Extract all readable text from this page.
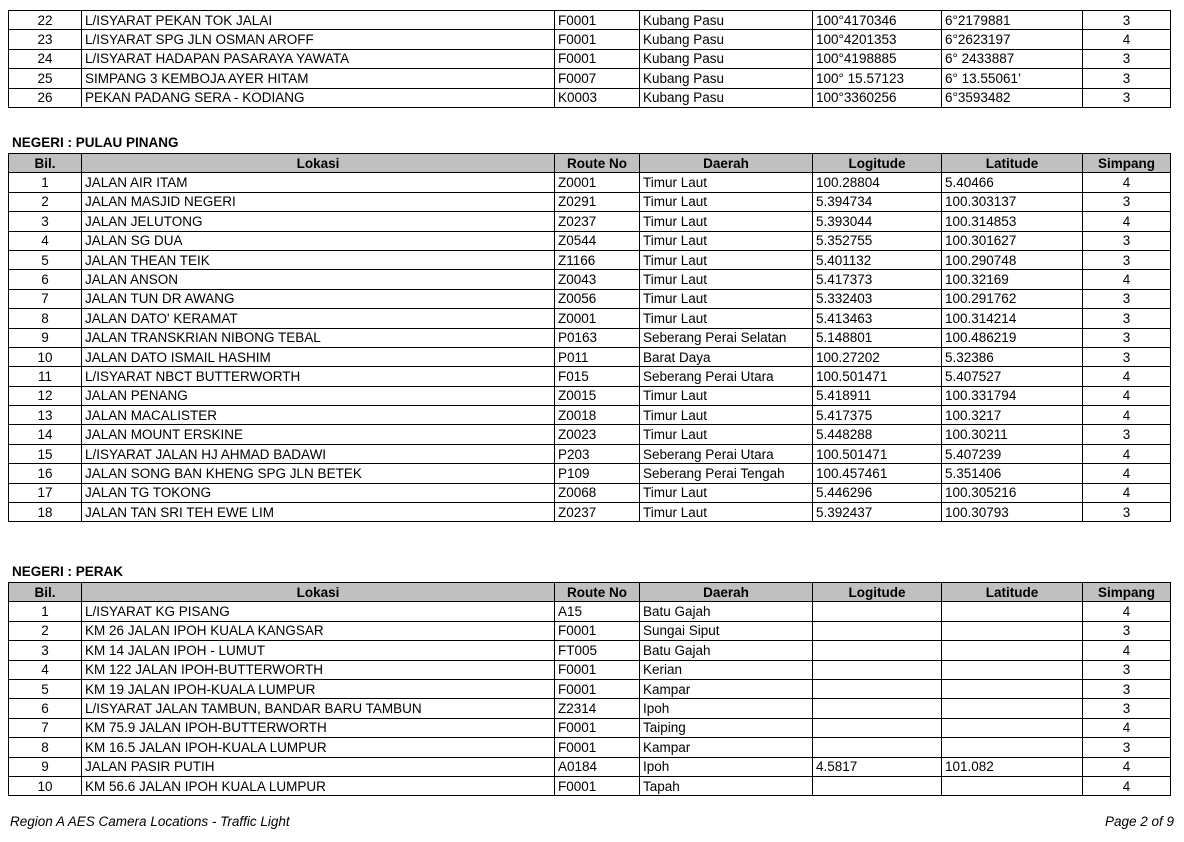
22	L/ISYARAT PEKAN TOK JALAI	F0001	Kubang Pasu	100°4170346	6°2179881	3
23	L/ISYARAT SPG JLN OSMAN AROFF	F0001	Kubang Pasu	100°4201353	6°2623197	4
24	L/ISYARAT HADAPAN PASARAYA YAWATA	F0001	Kubang Pasu	100°4198885	6° 2433887	3
25	SIMPANG 3 KEMBOJA AYER HITAM	F0007	Kubang Pasu	100° 15.57123	6° 13.55061’	3
26	PEKAN PADANG SERA - KODIANG	K0003	Kubang Pasu	100°3360256	6°3593482	3
NEGERI : PULAU PINANG
Bil.	Lokasi	Route No	Daerah	Logitude	Latitude	Simpang
1	JALAN AIR ITAM	Z0001	Timur Laut	100.28804	5.40466	4
2	JALAN MASJID NEGERI	Z0291	Timur Laut	5.394734	100.303137	3
3	JALAN JELUTONG	Z0237	Timur Laut	5.393044	100.314853	4
4	JALAN SG DUA	Z0544	Timur Laut	5.352755	100.301627	3
5	JALAN THEAN TEIK	Z1166	Timur Laut	5.401132	100.290748	3
6	JALAN ANSON	Z0043	Timur Laut	5.417373	100.32169	4
7	JALAN TUN DR AWANG	Z0056	Timur Laut	5.332403	100.291762	3
8	JALAN DATO' KERAMAT	Z0001	Timur Laut	5.413463	100.314214	3
9	JALAN TRANSKRIAN NIBONG TEBAL	P0163	Seberang Perai Selatan	5.148801	100.486219	3
10	JALAN DATO ISMAIL HASHIM	P011	Barat Daya	100.27202	5.32386	3
11	L/ISYARAT NBCT BUTTERWORTH	F015	Seberang Perai Utara	100.501471	5.407527	4
12	JALAN PENANG	Z0015	Timur Laut	5.418911	100.331794	4
13	JALAN MACALISTER	Z0018	Timur Laut	5.417375	100.3217	4
14	JALAN MOUNT ERSKINE	Z0023	Timur Laut	5.448288	100.30211	3
15	L/ISYARAT JALAN HJ AHMAD BADAWI	P203	Seberang Perai Utara	100.501471	5.407239	4
16	JALAN SONG BAN KHENG SPG JLN BETEK	P109	Seberang Perai Tengah	100.457461	5.351406	4
17	JALAN TG TOKONG	Z0068	Timur Laut	5.446296	100.305216	4
18	JALAN TAN SRI TEH EWE LIM	Z0237	Timur Laut	5.392437	100.30793	3
NEGERI : PERAK
Bil.	Lokasi	Route No	Daerah	Logitude	Latitude	Simpang
1	L/ISYARAT KG PISANG	A15	Batu Gajah			4
2	KM 26 JALAN IPOH KUALA KANGSAR	F0001	Sungai Siput			3
3	KM 14 JALAN IPOH - LUMUT	FT005	Batu Gajah			4
4	KM 122 JALAN IPOH-BUTTERWORTH	F0001	Kerian			3
5	KM 19 JALAN IPOH-KUALA LUMPUR	F0001	Kampar			3
6	L/ISYARAT JALAN TAMBUN, BANDAR BARU TAMBUN	Z2314	Ipoh			3
7	KM 75.9 JALAN IPOH-BUTTERWORTH	F0001	Taiping			4
8	KM 16.5 JALAN IPOH-KUALA LUMPUR	F0001	Kampar			3
9	JALAN PASIR PUTIH	A0184	Ipoh	4.5817	101.082	4
10	KM 56.6 JALAN IPOH KUALA LUMPUR	F0001	Tapah			4
Region A AES Camera Locations - Traffic Light	Page 2 of 9
